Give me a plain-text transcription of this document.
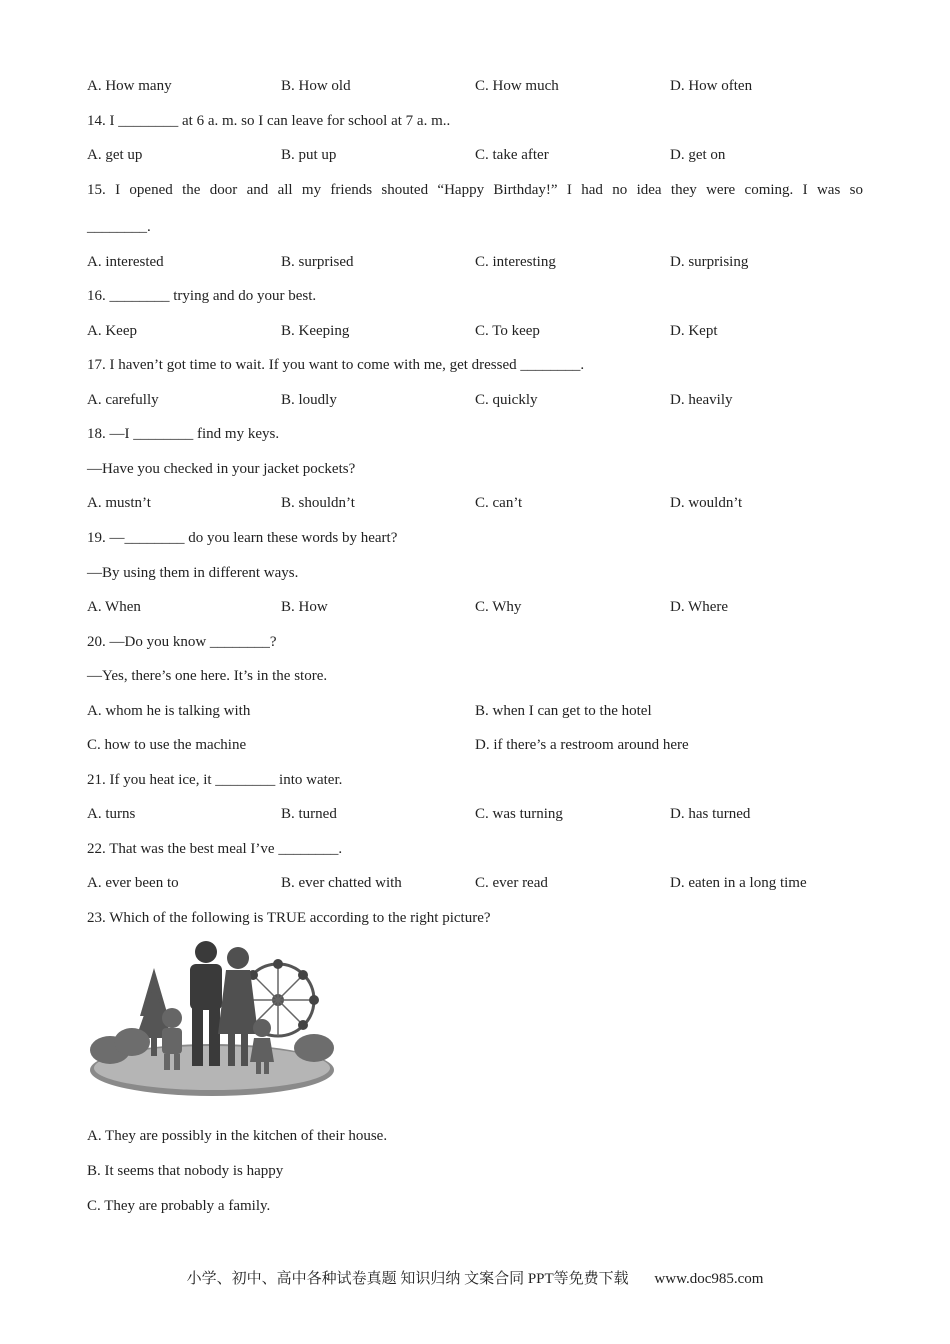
A. How many	B. How old	C. How much	D. How often
14. I ________ at 6 a. m. so I can leave for school at 7 a. m..
A. get up	B. put up	C. take after	D. get on
15. I opened the door and all my friends shouted “Happy Birthday!” I had no idea they were coming. I was so
________.
A. interested	B. surprised	C. interesting	D. surprising
16. ________ trying and do your best.
A. Keep	B. Keeping	C. To keep	D. Kept
17. I haven’t got time to wait. If you want to come with me, get dressed ________.
A. carefully	B. loudly	C. quickly	D. heavily
18. —I ________ find my keys.
—Have you checked in your jacket pockets?
A. mustn’t	B. shouldn’t	C. can’t	D. wouldn’t
19. —________ do you learn these words by heart?
—By using them in different ways.
A. When	B. How	C. Why	D. Where
20. —Do you know ________?
—Yes, there’s one here. It’s in the store.
A. whom he is talking with	B. when I can get to the hotel
C. how to use the machine	D. if there’s a restroom around here
21. If you heat ice, it ________ into water.
A. turns	B. turned	C. was turning	D. has turned
22. That was the best meal I’ve ________.
A. ever been to	B. ever chatted with	C. ever read	D. eaten in a long time
23. Which of the following is TRUE according to the right picture?
A. They are possibly in the kitchen of their house.
B. It seems that nobody is happy
C. They are probably a family.
小学、初中、高中各种试卷真题 知识归纳 文案合同 PPT等免费下载 www.doc985.com
